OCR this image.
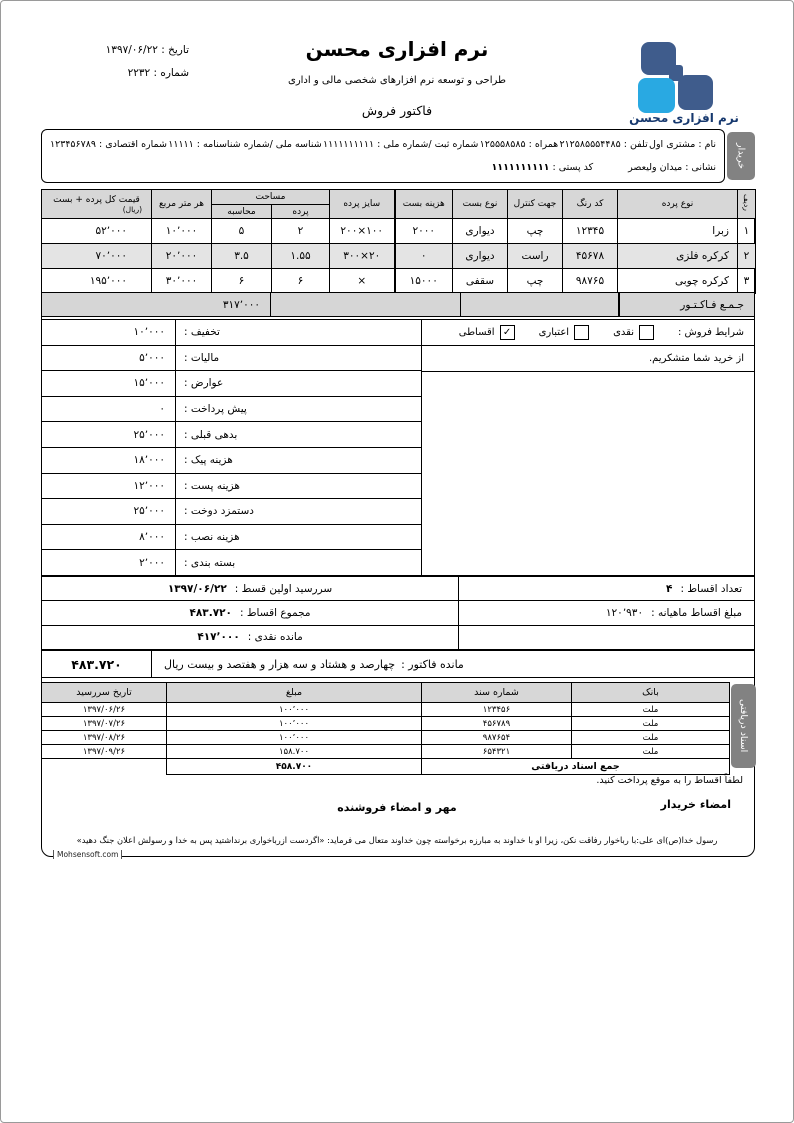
نرم افزاری محسن
نرم افزاری محسن
طراحی و توسعه نرم افزارهای شخصی مالی و اداری
فاکتور فروش
تاریخ : ۱۳۹۷/۰۶/۲۲
شماره : ۲۲۳۲
نام : مشتری اول
تلفن : ۲۱۲۵۸۵۵۵۴۴۸۵
همراه : ۱۲۵۵۵۸۵۸۵
شماره ثبت /شماره ملی : ۱۱۱۱۱۱۱۱۱۱
شناسه ملی /شماره شناسنامه : ۱۱۱۱۱
شماره اقتصادی : ۱۲۳۴۵۶۷۸۹
نشانی : میدان ولیعصر
کد پستی : ۱۱۱۱۱۱۱۱۱۱	خریدار
ردیف	نوع پرده	کد رنگ	جهت کنترل	نوع بست	هزینه بست	سایز پرده	مساحت		هر متر مربع	قیمت کل پرده + بست
(ریال)

							پرده	محاسبه		
۱	زبرا	۱۲۳۴۵	چپ	دیواری	۲۰۰۰	۱۰۰×۲۰۰	۲	۵	۱۰٬۰۰۰	۵۲٬۰۰۰
۲	کرکره فلزی	۴۵۶۷۸	راست	دیواری	۰	۲۰×۳۰۰	۱.۵۵	۳.۵	۲۰٬۰۰۰	۷۰٬۰۰۰
۳	کرکره چوبی	۹۸۷۶۵	چپ	سقفی	۱۵۰۰۰	×	۶	۶	۳۰٬۰۰۰	۱۹۵٬۰۰۰
جـمـع فـاکـتـور
۳۱۷٬۰۰۰
تخفیف :
۱۰٬۰۰۰
مالیات :
۵٬۰۰۰
عوارض :
۱۵٬۰۰۰
پیش پرداخت :
۰
بدهی قبلی :
۲۵٬۰۰۰
هزینه پیک :
۱۸٬۰۰۰
هزینه پست :
۱۲٬۰۰۰
دستمزد دوخت :
۲۵٬۰۰۰
هزینه نصب :
۸٬۰۰۰
بسته بندی :
۲٬۰۰۰
شرایط فروش :
نقدی
اعتباری
✓
اقساطی
از خرید شما متشکریم.
تعداد اقساط :
۴
سررسید اولین قسط :
۱۳۹۷/۰۶/۲۲
مبلغ اقساط ماهیانه :
۱۲۰٬۹۳۰
مجموع اقساط :
۴۸۳.۷۲۰
مانده نقدی :
۴۱۷٬۰۰۰
مانده فاکتور :
چهارصد و هشتاد و سه هزار و هفتصد و بیست ریال
۴۸۳.۷۲۰
بانک	شماره سند	مبلغ	تاریخ سررسید
ملت	۱۲۳۴۵۶	۱۰۰٬۰۰۰	۱۳۹۷/۰۶/۲۶
ملت	۴۵۶۷۸۹	۱۰۰٬۰۰۰	۱۳۹۷/۰۷/۲۶
ملت	۹۸۷۶۵۴	۱۰۰٬۰۰۰	۱۳۹۷/۰۸/۲۶
ملت	۶۵۴۳۲۱	۱۵۸.۷۰۰	۱۳۹۷/۰۹/۲۶
جمع اسناد دریافتی		۴۵۸.۷۰۰	
اسناد دریافتی
لطفاً اقساط را به موقع پرداخت کنید.
امضاء خریدار
مهر و امضاء فروشنده
رسول خدا(ص)ای علی:با رباخوار رفاقت نکن، زیرا او با خداوند به مبارزه برخواسته چون خداوند متعال می فرماید: «اگردست ازرباخواری برنداشتید پس به خدا و رسولش اعلان جنگ دهید»
Mohsensoft.com
